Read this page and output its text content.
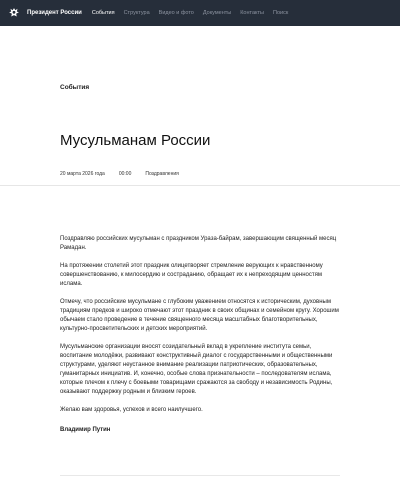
Президент России События Структура Видео и фото Документы Контакты Поиск
События
Мусульманам России
20 марта 2026 года	00:00	Поздравления

Поздравляю российских мусульман с праздником Ураза-байрам, завершающим священный месяц Рамадан.

На протяжении столетий этот праздник олицетворяет стремление верующих к нравственному совершенствованию, к милосердию и состраданию, обращает их к непреходящим ценностям ислама.

Отмечу, что российские мусульмане с глубоким уважением относятся к историческим, духовным традициям предков и широко отмечают этот праздник в своих общинах и семейном кругу. Хорошим обычаем стало проведение в течение священного месяца масштабных благотворительных, культурно-просветительских и детских мероприятий.

Мусульманские организации вносят созидательный вклад в укрепление института семьи, воспитание молодёжи, развивают конструктивный диалог с государственными и общественными структурами, уделяют неустанное внимание реализации патриотических, образовательных, гуманитарных инициатив. И, конечно, особые слова признательности – последователям ислама, которые плечом к плечу с боевыми товарищами сражаются за свободу и независимость Родины, оказывают поддержку родным и близким героев.

Желаю вам здоровья, успехов и всего наилучшего.

Владимир Путин
